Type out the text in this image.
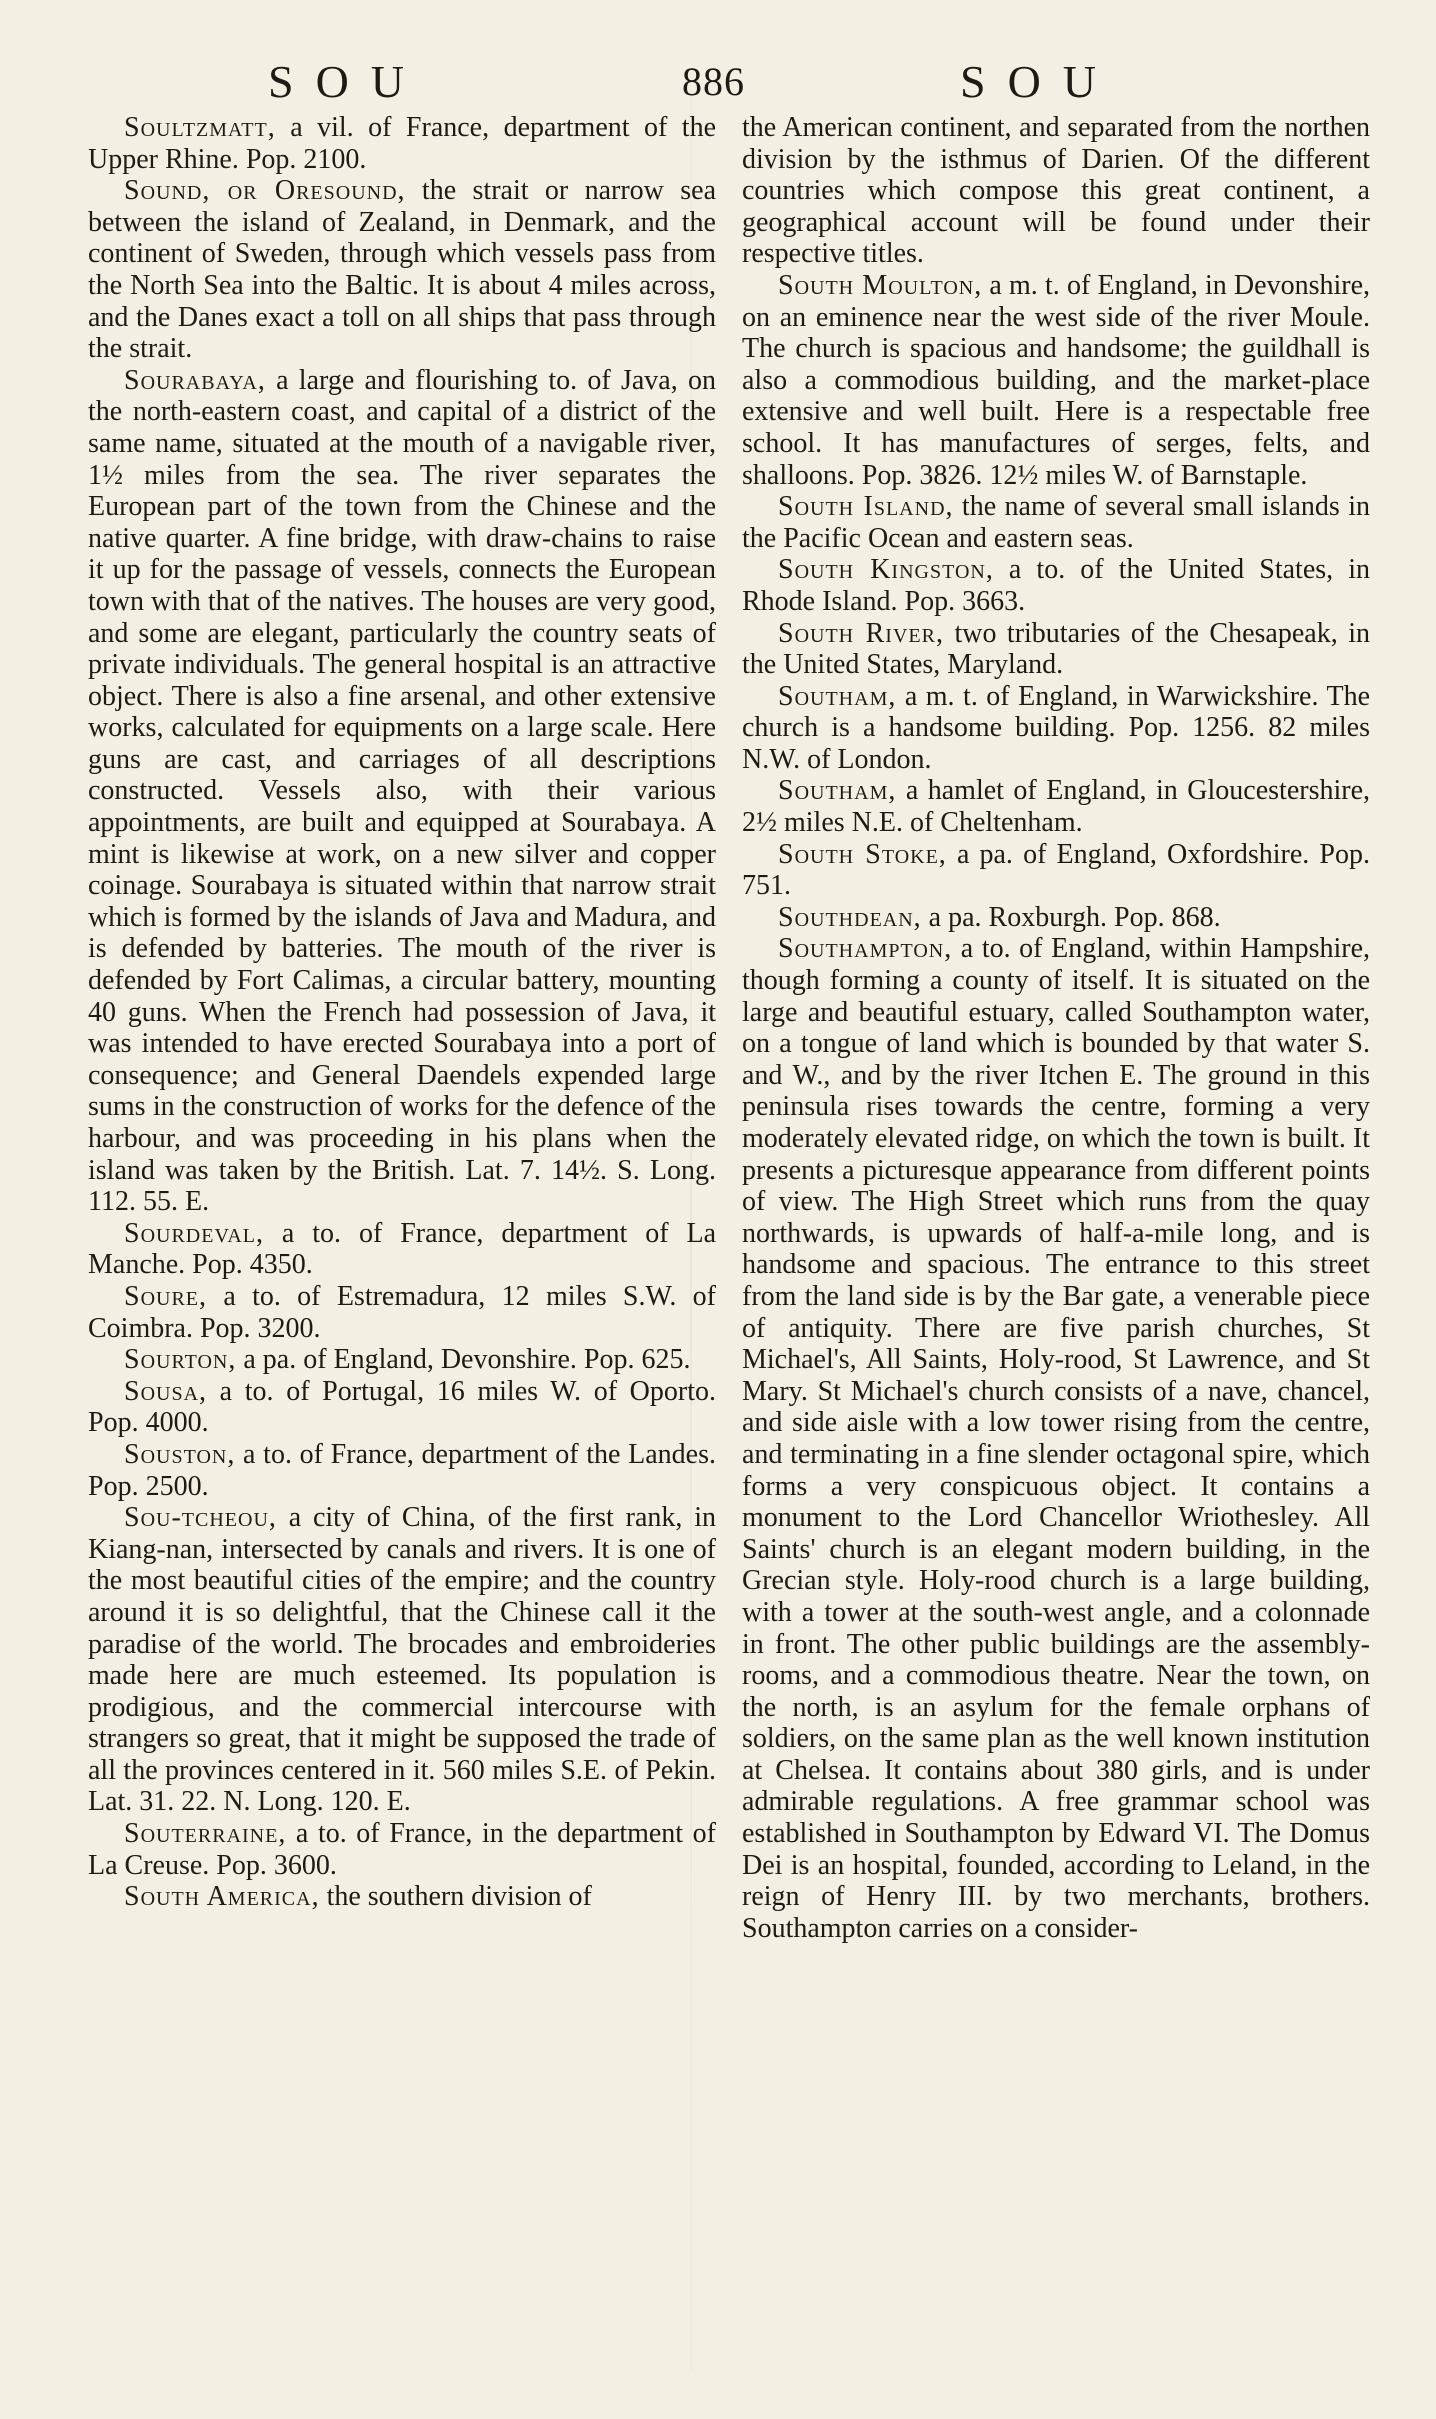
SOU	886	SOU

Soultzmatt, a vil. of France, department of the Upper Rhine. Pop. 2100.

Sound, or Oresound, the strait or narrow sea between the island of Zealand, in Denmark, and the continent of Sweden, through which vessels pass from the North Sea into the Baltic. It is about 4 miles across, and the Danes exact a toll on all ships that pass through the strait.

Sourabaya, a large and flourishing to. of Java, on the north-eastern coast, and capital of a district of the same name, situated at the mouth of a navigable river, 1½ miles from the sea. The river separates the European part of the town from the Chinese and the native quarter. A fine bridge, with draw-chains to raise it up for the passage of vessels, connects the European town with that of the natives. The houses are very good, and some are elegant, particularly the country seats of private individuals. The general hospital is an attractive object. There is also a fine arsenal, and other extensive works, calculated for equipments on a large scale. Here guns are cast, and carriages of all descriptions constructed. Vessels also, with their various appointments, are built and equipped at Sourabaya. A mint is likewise at work, on a new silver and copper coinage. Sourabaya is situated within that narrow strait which is formed by the islands of Java and Madura, and is defended by batteries. The mouth of the river is defended by Fort Calimas, a circular battery, mounting 40 guns. When the French had possession of Java, it was intended to have erected Sourabaya into a port of consequence; and General Daendels expended large sums in the construction of works for the defence of the harbour, and was proceeding in his plans when the island was taken by the British. Lat. 7. 14½. S. Long. 112. 55. E.

Sourdeval, a to. of France, department of La Manche. Pop. 4350.

Soure, a to. of Estremadura, 12 miles S.W. of Coimbra. Pop. 3200.

Sourton, a pa. of England, Devonshire. Pop. 625.

Sousa, a to. of Portugal, 16 miles W. of Oporto. Pop. 4000.

Souston, a to. of France, department of the Landes. Pop. 2500.

Sou-tcheou, a city of China, of the first rank, in Kiang-nan, intersected by canals and rivers. It is one of the most beautiful cities of the empire; and the country around it is so delightful, that the Chinese call it the paradise of the world. The brocades and embroideries made here are much esteemed. Its population is prodigious, and the commercial intercourse with strangers so great, that it might be supposed the trade of all the provinces centered in it. 560 miles S.E. of Pekin. Lat. 31. 22. N. Long. 120. E.

Souterraine, a to. of France, in the department of La Creuse. Pop. 3600.

South America, the southern division of

the American continent, and separated from the northen division by the isthmus of Darien. Of the different countries which compose this great continent, a geographical account will be found under their respective titles.

South Moulton, a m. t. of England, in Devonshire, on an eminence near the west side of the river Moule. The church is spacious and handsome; the guildhall is also a commodious building, and the market-place extensive and well built. Here is a respectable free school. It has manufactures of serges, felts, and shalloons. Pop. 3826. 12½ miles W. of Barnstaple.

South Island, the name of several small islands in the Pacific Ocean and eastern seas.

South Kingston, a to. of the United States, in Rhode Island. Pop. 3663.

South River, two tributaries of the Chesapeak, in the United States, Maryland.

Southam, a m. t. of England, in Warwickshire. The church is a handsome building. Pop. 1256. 82 miles N.W. of London.

Southam, a hamlet of England, in Gloucestershire, 2½ miles N.E. of Cheltenham.

South Stoke, a pa. of England, Oxfordshire. Pop. 751.

Southdean, a pa. Roxburgh. Pop. 868.

Southampton, a to. of England, within Hampshire, though forming a county of itself. It is situated on the large and beautiful estuary, called Southampton water, on a tongue of land which is bounded by that water S. and W., and by the river Itchen E. The ground in this peninsula rises towards the centre, forming a very moderately elevated ridge, on which the town is built. It presents a picturesque appearance from different points of view. The High Street which runs from the quay northwards, is upwards of half-a-mile long, and is handsome and spacious. The entrance to this street from the land side is by the Bar gate, a venerable piece of antiquity. There are five parish churches, St Michael's, All Saints, Holy-rood, St Lawrence, and St Mary. St Michael's church consists of a nave, chancel, and side aisle with a low tower rising from the centre, and terminating in a fine slender octagonal spire, which forms a very conspicuous object. It contains a monument to the Lord Chancellor Wriothesley. All Saints' church is an elegant modern building, in the Grecian style. Holy-rood church is a large building, with a tower at the south-west angle, and a colonnade in front. The other public buildings are the assembly-rooms, and a commodious theatre. Near the town, on the north, is an asylum for the female orphans of soldiers, on the same plan as the well known institution at Chelsea. It contains about 380 girls, and is under admirable regulations. A free grammar school was established in Southampton by Edward VI. The Domus Dei is an hospital, founded, according to Leland, in the reign of Henry III. by two merchants, brothers. Southampton carries on a consider-
